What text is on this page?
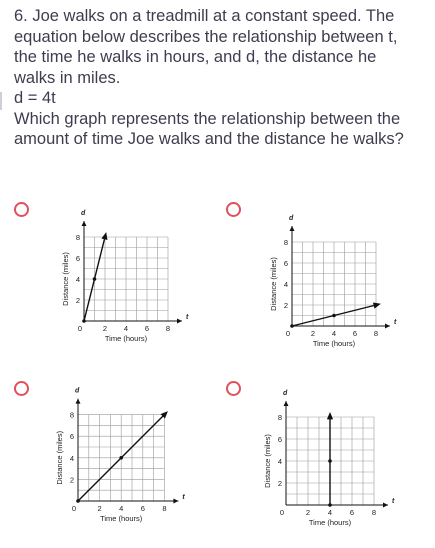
6. Joe walks on a treadmill at a constant speed. The
equation below describes the relationship between t,
the time he walks in hours, and d, the distance he
walks in miles.
d = 4t
Which graph represents the relationship between the
amount of time Joe walks and the distance he walks?
t
d
2 4 6 8
2
4
6
8
0
Time (hours)
Distance (miles)
t
d
2 4 6 8
2
4
6
8
0
Time (hours)
Distance (miles)
t
d
2 4 6 8
2
4
6
8
0
Time (hours)
Distance (miles)
t
d
2 4 6 8
2
4
6
8
0
Time (hours)
Distance (miles)
